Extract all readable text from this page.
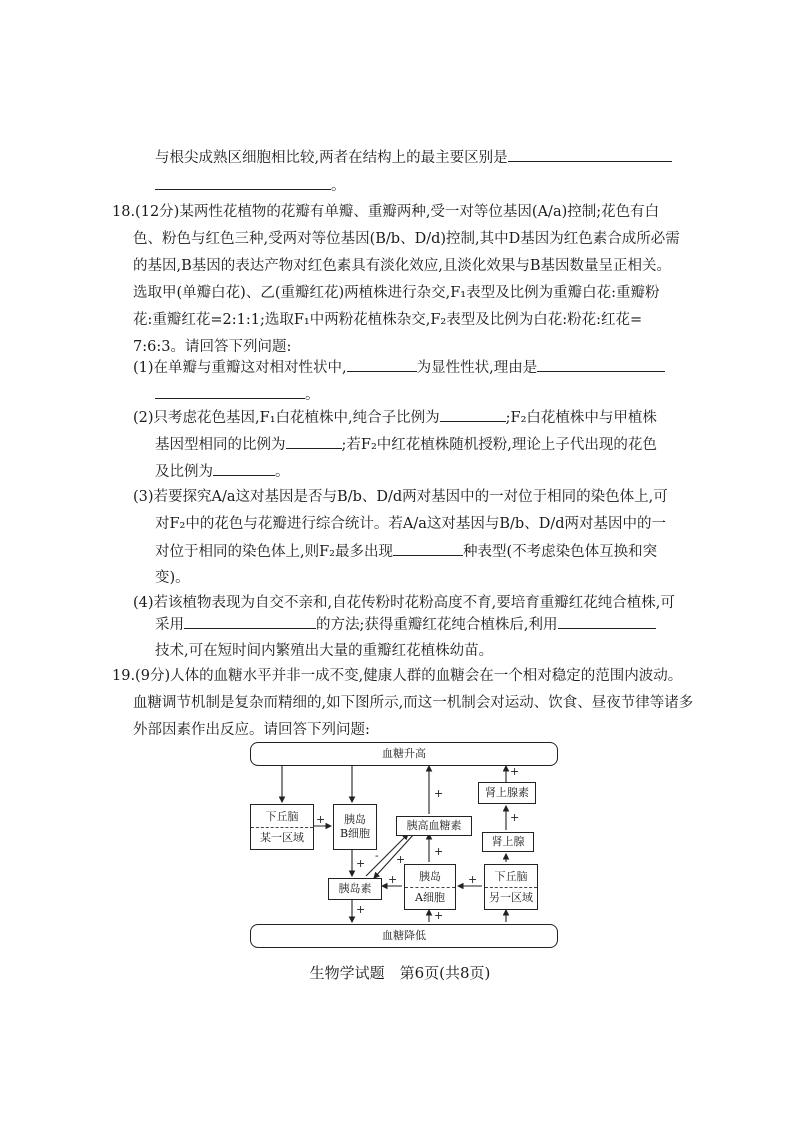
与根尖成熟区细胞相比较,两者在结构上的最主要区别是
。
18.(12分)某两性花植物的花瓣有单瓣、重瓣两种,受一对等位基因(A/a)控制;花色有白
色、粉色与红色三种,受两对等位基因(B/b、D/d)控制,其中D基因为红色素合成所必需
的基因,B基因的表达产物对红色素具有淡化效应,且淡化效果与B基因数量呈正相关。
选取甲(单瓣白花)、乙(重瓣红花)两植株进行杂交,F₁表型及比例为重瓣白花:重瓣粉
花:重瓣红花=2:1:1;选取F₁中两粉花植株杂交,F₂表型及比例为白花:粉花:红花=
7:6:3。请回答下列问题:
(1)在单瓣与重瓣这对相对性状中,	为显性性状,理由是
。
(2)只考虑花色基因,F₁白花植株中,纯合子比例为	;F₂白花植株中与甲植株
基因型相同的比例为	;若F₂中红花植株随机授粉,理论上子代出现的花色
及比例为	。
(3)若要探究A/a这对基因是否与B/b、D/d两对基因中的一对位于相同的染色体上,可
对F₂中的花色与花瓣进行综合统计。若A/a这对基因与B/b、D/d两对基因中的一
对位于相同的染色体上,则F₂最多出现	种表型(不考虑染色体互换和突
变)。
(4)若该植物表现为自交不亲和,自花传粉时花粉高度不育,要培育重瓣红花纯合植株,可
采用	的方法;获得重瓣红花纯合植株后,利用
技术,可在短时间内繁殖出大量的重瓣红花植株幼苗。
19.(9分)人体的血糖水平并非一成不变,健康人群的血糖会在一个相对稳定的范围内波动。
血糖调节机制是复杂而精细的,如下图所示,而这一机制会对运动、饮食、昼夜节律等诸多
外部因素作出反应。请回答下列问题:
血糖升高
血糖降低
下丘脑
某一区域
胰岛
B细胞
胰高血糖素
胰岛素
胰岛
A细胞
下丘脑
另一区域
肾上腺
肾上腺素
+
+
+
+
+
- +
+	+
+
+
+
生物学试题　第6页(共8页)
